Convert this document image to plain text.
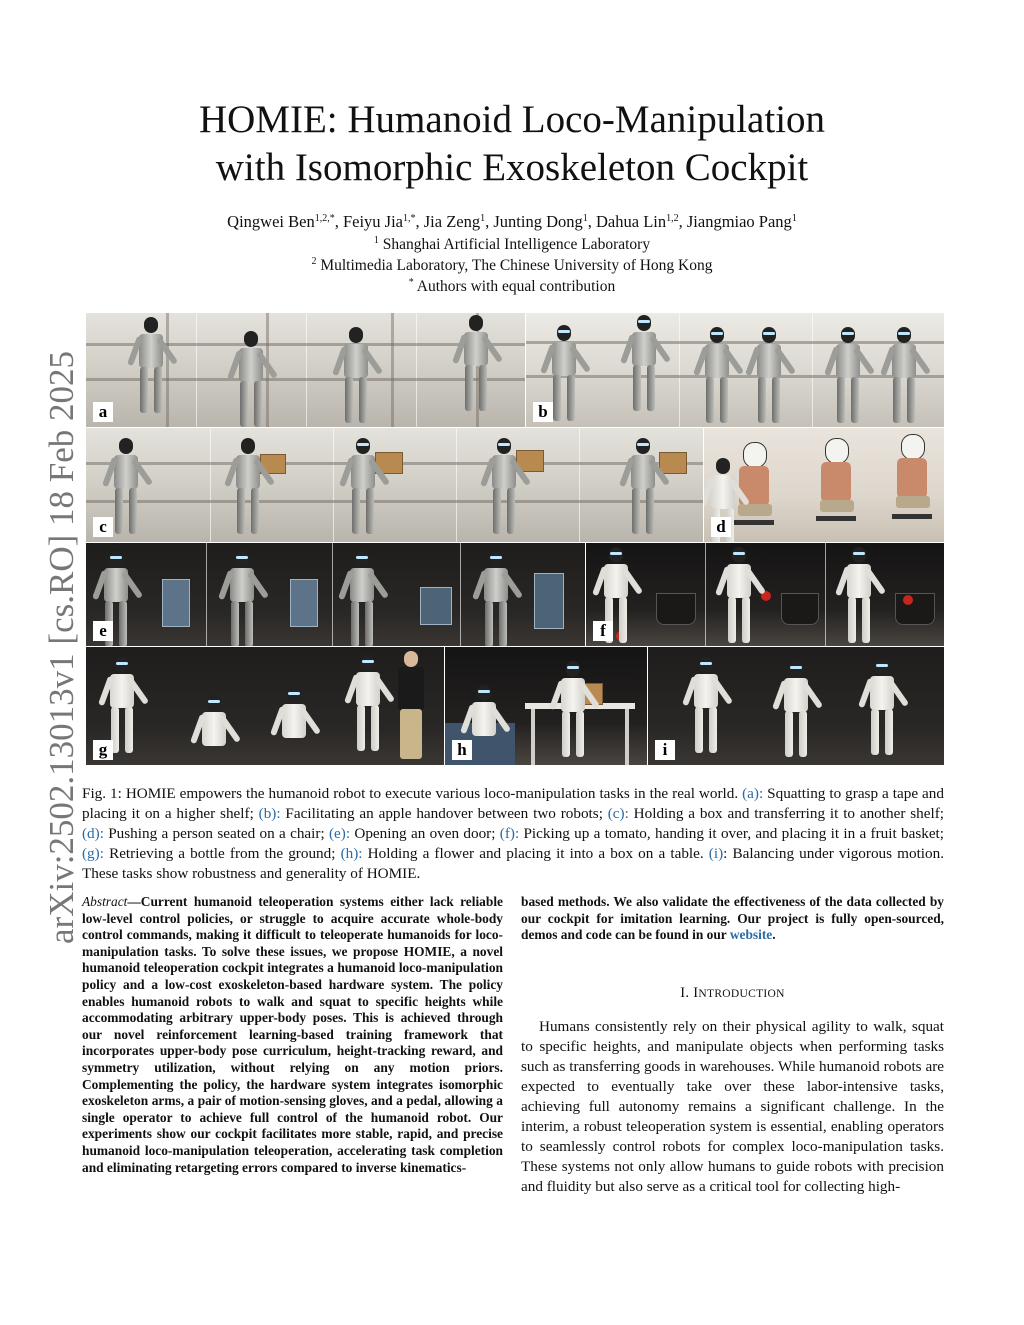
HOMIE: Humanoid Loco-Manipulation
with Isomorphic Exoskeleton Cockpit
Qingwei Ben$^{1,2,*}$, Feiyu Jia$^{1,*}$, Jia Zeng$^1$, Junting Dong$^1$, Dahua Lin$^{1,2}$, Jiangmiao Pang$^1$
$^1$ Shanghai Artificial Intelligence Laboratory
$^2$ Multimedia Laboratory, The Chinese University of Hong Kong
* Authors with equal contribution
arXiv:2502.13013v1 [cs.RO] 18 Feb 2025	a	b
c	d
e	f
g	h	i
Fig. 1: HOMIE empowers the humanoid robot to execute various loco-manipulation tasks in the real world. (a): Squatting to grasp a tape and placing it on a higher shelf; (b): Facilitating an apple handover between two robots; (c): Holding a box and transferring it to another shelf; (d): Pushing a person seated on a chair; (e): Opening an oven door; (f): Picking up a tomato, handing it over, and placing it in a fruit basket; (g): Retrieving a bottle from the ground; (h): Holding a flower and placing it into a box on a table. (i): Balancing under vigorous motion. These tasks show robustness and generality of HOMIE.
Abstract—Current humanoid teleoperation systems either lack reliable low-level control policies, or struggle to acquire accurate whole-body control commands, making it difficult to teleoperate humanoids for loco-manipulation tasks. To solve these issues, we propose HOMIE, a novel humanoid teleoperation cockpit integrates a humanoid loco-manipulation policy and a low-cost exoskeleton-based hardware system. The policy enables humanoid robots to walk and squat to specific heights while accommodating arbitrary upper-body poses. This is achieved through our novel reinforcement learning-based training framework that incorporates upper-body pose curriculum, height-tracking reward, and symmetry utilization, without relying on any motion priors. Complementing the policy, the hardware system integrates isomorphic exoskeleton arms, a pair of motion-sensing gloves, and a pedal, allowing a single operator to achieve full control of the humanoid robot. Our experiments show our cockpit facilitates more stable, rapid, and precise humanoid loco-manipulation teleoperation, accelerating task completion and eliminating retargeting errors compared to inverse kinematics-
based methods. We also validate the effectiveness of the data collected by our cockpit for imitation learning. Our project is fully open-sourced, demos and code can be found in our website.
I. INTRODUCTION
Humans consistently rely on their physical agility to walk, squat to specific heights, and manipulate objects when performing tasks such as transferring goods in warehouses. While humanoid robots are expected to eventually take over these labor-intensive tasks, achieving full autonomy remains a significant challenge. In the interim, a robust teleoperation system is essential, enabling operators to seamlessly control robots for complex loco-manipulation tasks. These systems not only allow humans to guide robots with precision and fluidity but also serve as a critical tool for collecting high-
